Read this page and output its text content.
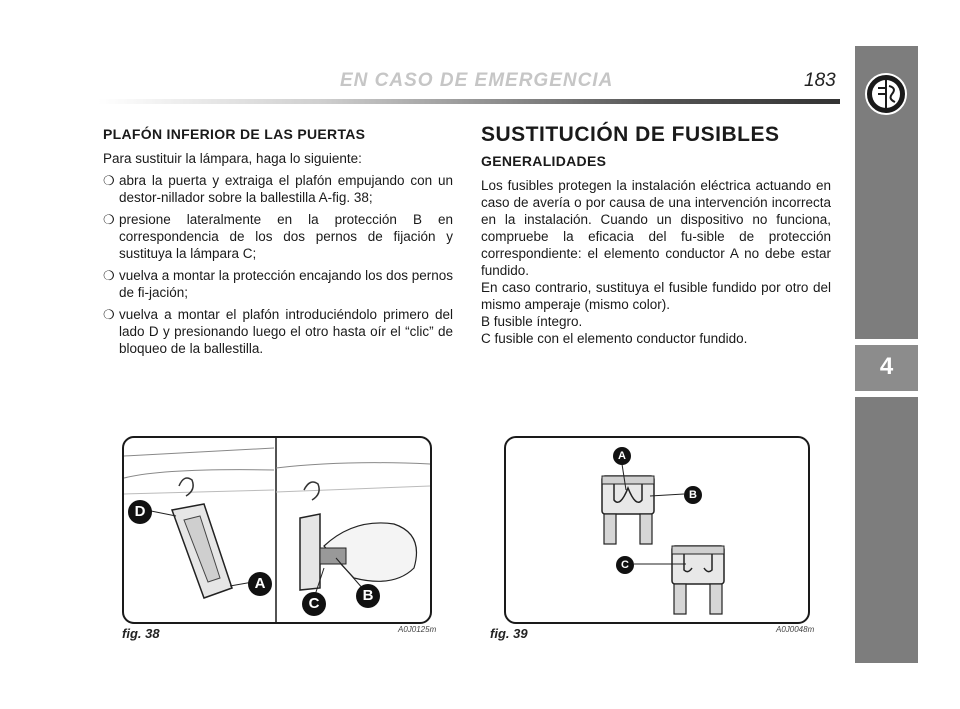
EN CASO DE EMERGENCIA	183
4
PLAFÓN INFERIOR DE LAS PUERTAS

Para sustituir la lámpara, haga lo siguiente:

❍ abra la puerta y extraiga el plafón empujando con un destor-nillador sobre la ballestilla A-fig. 38;
❍ presione lateralmente en la protección B en correspondencia de los dos pernos de fijación y sustituya la lámpara C;
❍ vuelva a montar la protección encajando los dos pernos de fi-jación;
❍ vuelva a montar el plafón introduciéndolo primero del lado D y presionando luego el otro hasta oír el “clic” de bloqueo de la ballestilla.
SUSTITUCIÓN DE FUSIBLES
GENERALIDADES

Los fusibles protegen la instalación eléctrica actuando en caso de avería o por causa de una intervención incorrecta en la instalación. Cuando un dispositivo no funciona, compruebe la eficacia del fu-sible de protección correspondiente: el elemento conductor A no debe estar fundido.

En caso contrario, sustituya el fusible fundido por otro del mismo amperaje (mismo color).

B fusible íntegro.

C fusible con el elemento conductor fundido.

D
A
C	B
fig. 38	A0J0125m
A
B
C
fig. 39	A0J0048m
